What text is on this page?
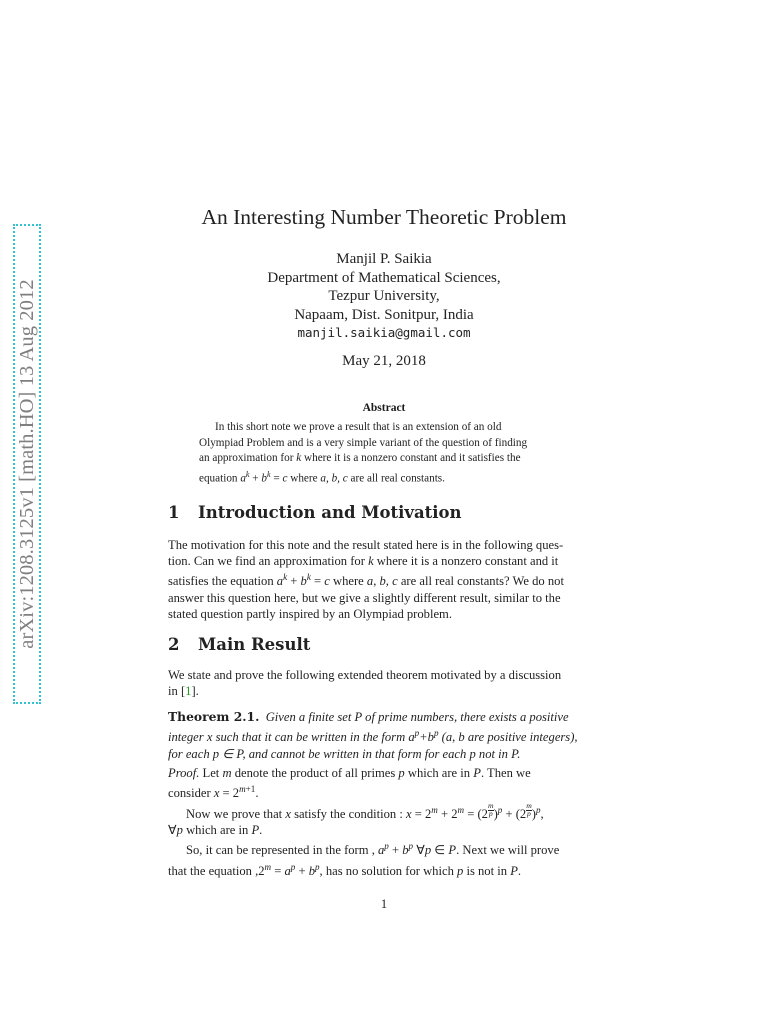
arXiv:1208.3125v1 [math.HO] 13 Aug 2012
An Interesting Number Theoretic Problem
Manjil P. Saikia
Department of Mathematical Sciences,
Tezpur University,
Napaam, Dist. Sonitpur, India
manjil.saikia@gmail.com
May 21, 2018
Abstract
In this short note we prove a result that is an extension of an old
Olympiad Problem and is a very simple variant of the question of finding
an approximation for k where it is a nonzero constant and it satisfies the
equation $a^k + b^k = c$ where a, b, c are all real constants.
1 Introduction and Motivation
The motivation for this note and the result stated here is in the following ques-
tion. Can we find an approximation for k where it is a nonzero constant and it
satisfies the equation $a^k + b^k = c$ where a, b, c are all real constants? We do not
answer this question here, but we give a slightly different result, similar to the
stated question partly inspired by an Olympiad problem.
2 Main Result
We state and prove the following extended theorem motivated by a discussion
in [1].
Theorem 2.1. Given a finite set P of prime numbers, there exists a positive
integer x such that it can be written in the form $a^p+b^p$ (a, b are positive integers),
for each p ∈ P, and cannot be written in that form for each p not in P.
Proof. Let m denote the product of all primes p which are in P. Then we
consider $x = 2^{m+1}$.
Now we prove that x satisfy the condition : $x = 2^m + 2^m = (2$ $^{\frac{m}{p}}$ )$^p$ + (2 $^{\frac{m}{p}}$ )$^p$,
∀p which are in P.
So, it can be represented in the form , $a^p + b^p$ ∀p ∈ P. Next we will prove
that the equation $,2^m = a^p + b^p$, has no solution for which p is not in P.
1
